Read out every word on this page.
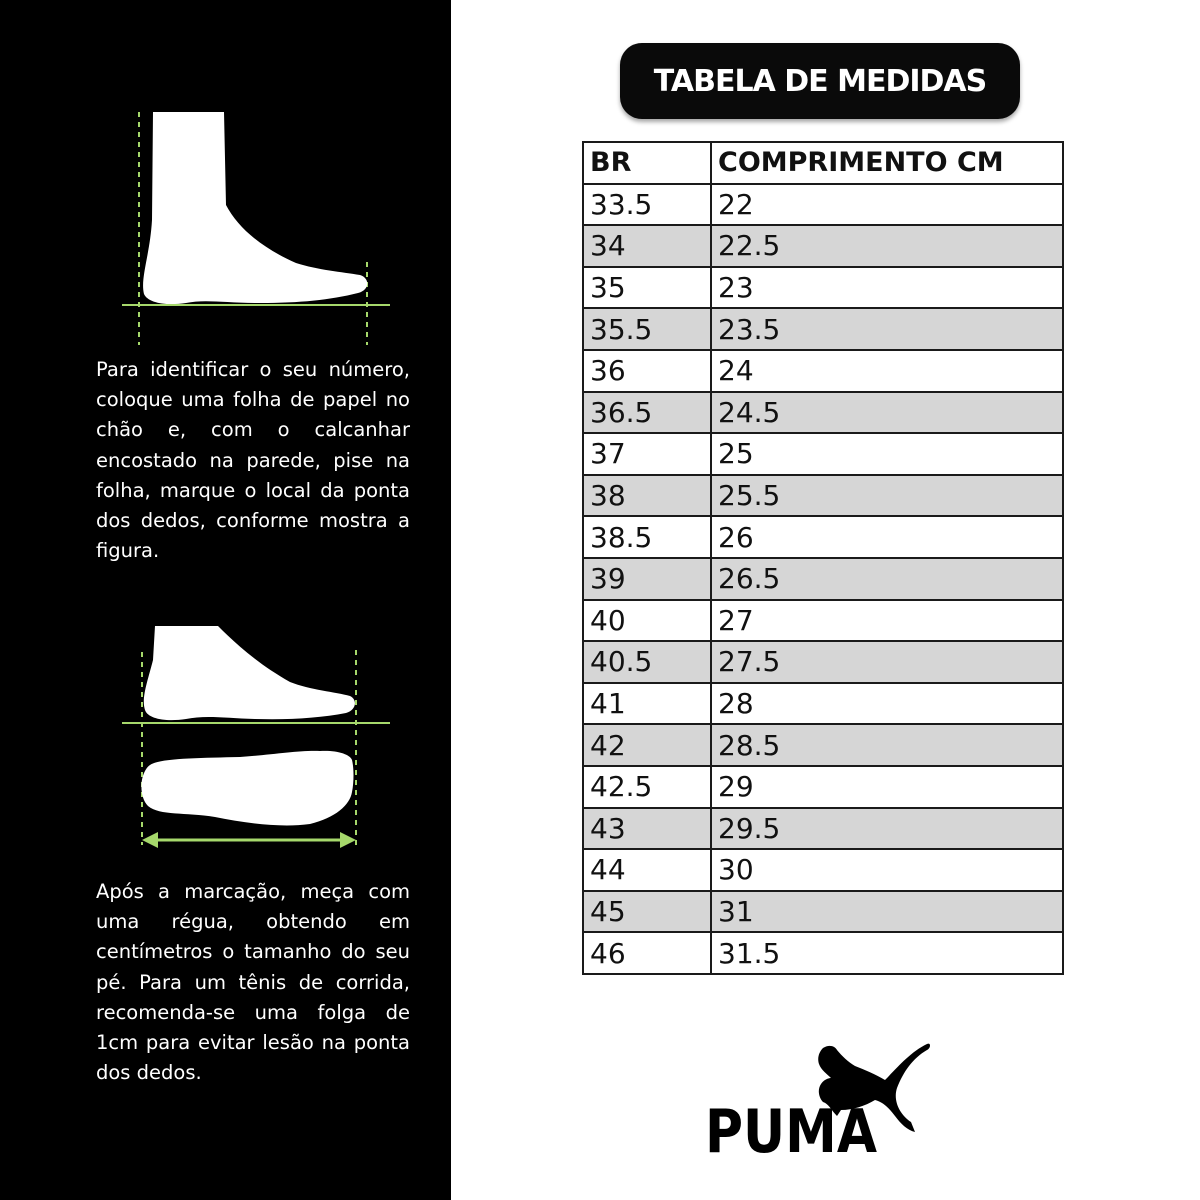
Para identificar o seu número, coloque uma folha de papel no chão e, com o calcanhar encostado na parede, pise na folha, marque o local da ponta dos dedos, conforme mostra a figura.

Após a marcação, meça com uma régua, obtendo em centímetros o tamanho do seu pé. Para um tênis de corrida, recomenda-se uma folga de 1cm para evitar lesão na ponta dos dedos.

TABELA DE MEDIDAS
BR	COMPRIMENTO CM
33.5	22
34	22.5
35	23
35.5	23.5
36	24
36.5	24.5
37	25
38	25.5
38.5	26
39	26.5
40	27
40.5	27.5
41	28
42	28.5
42.5	29
43	29.5
44	30
45	31
46	31.5
PUMA
